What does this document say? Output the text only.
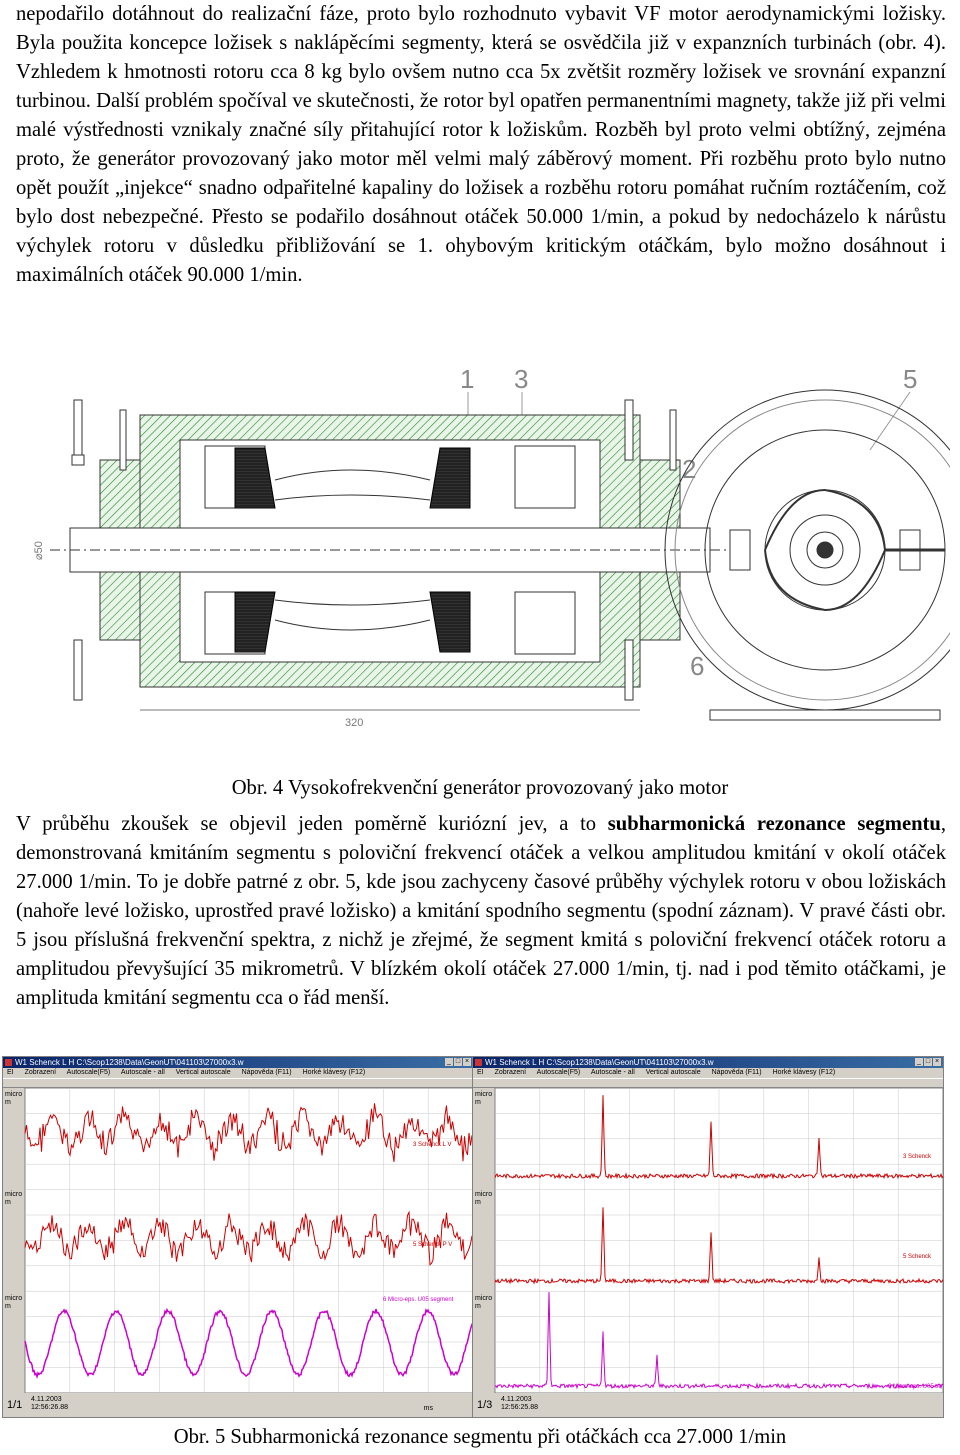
nepodařilo dotáhnout do realizační fáze, proto bylo rozhodnuto vybavit VF motor aerodynamickými ložisky. Byla použita koncepce ložisek s naklápěcími segmenty, která se osvědčila již v expanzních turbinách (obr. 4). Vzhledem k hmotnosti rotoru cca 8 kg bylo ovšem nutno cca 5x zvětšit rozměry ložisek ve srovnání expanzní turbinou. Další problém spočíval ve skutečnosti, že rotor byl opatřen permanentními magnety, takže již při velmi malé výstřednosti vznikaly značné síly přitahující rotor k ložiskům. Rozběh byl proto velmi obtížný, zejména proto, že generátor provozovaný jako motor měl velmi malý záběrový moment. Při rozběhu proto bylo nutno opět použít „injekce“ snadno odpařitelné kapaliny do ložisek a rozběhu rotoru pomáhat ručním roztáčením, což bylo dost nebezpečné. Přesto se podařilo dosáhnout otáček 50.000 1/min, a pokud by nedocházelo k nárůstu výchylek rotoru v důsledku přibližování se 1. ohybovým kritickým otáčkám, bylo možno dosáhnout i maximálních otáček 90.000 1/min.

1 3	5
2
6
⌀50
320
Obr. 4 Vysokofrekvenční generátor provozovaný jako motor

V průběhu zkoušek se objevil jeden poměrně kuriózní jev, a to subharmonická rezonance segmentu, demonstrovaná kmitáním segmentu s poloviční frekvencí otáček a velkou amplitudou kmitání v okolí otáček 27.000 1/min. To je dobře patrné z obr. 5, kde jsou zachyceny časové průběhy výchylek rotoru v obou ložiskách (nahoře levé ložisko, uprostřed pravé ložisko) a kmitání spodního segmentu (spodní záznam). V pravé části obr. 5 jsou příslušná frekvenční spektra, z nichž je zřejmé, že segment kmitá s poloviční frekvencí otáček rotoru a amplitudou převyšující 35 mikrometrů. V blízkém okolí otáček 27.000 1/min, tj. nad i pod těmito otáčkami, je amplituda kmitání segmentu cca o řád menší.

W1 Schenck L H C:\Scop1238\Data\GeonUT\041103\27000x3.w	_ □ ×
EI Zobrazení Autoscale(F5) Autoscale - all Vertical autoscale Nápověda (F11) Horké klávesy (F12)
micro
m
micro
m
micro
m
3 Schenck L V
5 Schenck P V
6 Micro-eps. U05 segment
1/1 4.11.2003
12:56:26.88	ms
W1 Schenck L H C:\Scop1238\Data\GeonUT\041103\27000x3.w	_ □ ×
EI Zobrazení Autoscale(F5) Autoscale - all Vertical autoscale Nápověda (F11) Horké klávesy (F12)
micro
m
micro
m
micro
m
3 Schenck
5 Schenck
6 Micro-eps. U05 se
1/3 4.11.2003
12:56:25.88
Obr. 5 Subharmonická rezonance segmentu při otáčkách cca 27.000 1/min
